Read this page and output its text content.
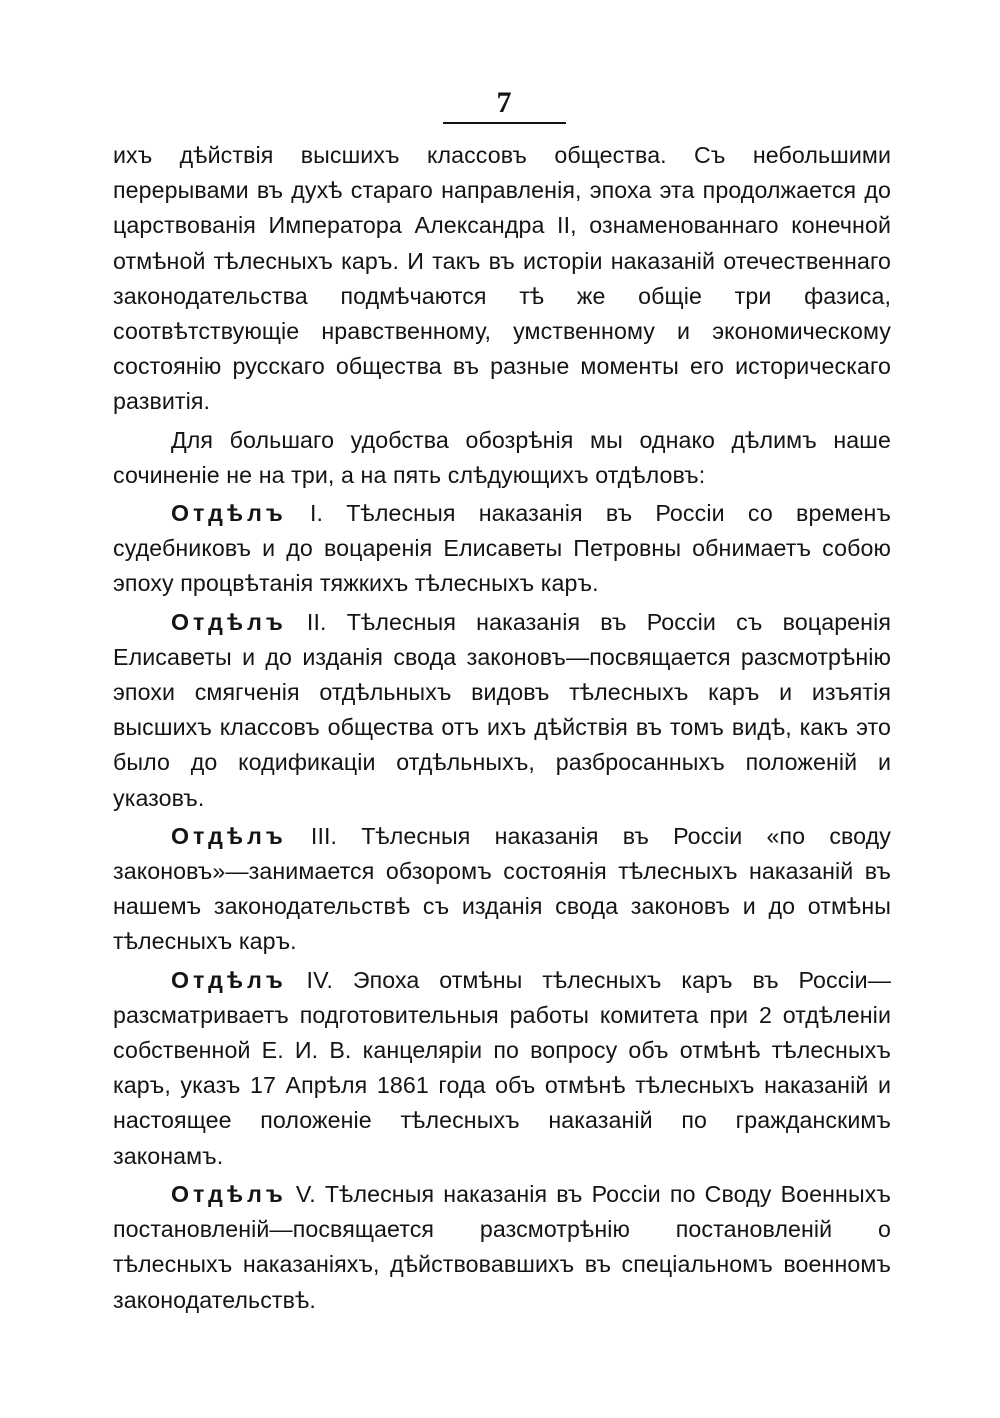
7

ихъ дѣйствія высшихъ классовъ общества. Съ небольшими перерывами въ духѣ стараго направленія, эпоха эта продолжается до царствованія Императора Александра II, ознаменованнаго конечной отмѣной тѣлесныхъ каръ. И такъ въ исторіи наказаній отечественнаго законодательства подмѣчаются тѣ же общіе три фазиса, соотвѣтствующіе нравственному, умственному и экономическому состоянію русскаго общества въ разные моменты его историческаго развитія.

Для большаго удобства обозрѣнія мы однако дѣлимъ наше сочиненіе не на три, а на пять слѣдующихъ отдѣловъ:

Отдѣлъ I. Тѣлесныя наказанія въ Россіи со временъ судебниковъ и до воцаренія Елисаветы Петровны обнимаетъ собою эпоху процвѣтанія тяжкихъ тѣлесныхъ каръ.

Отдѣлъ II. Тѣлесныя наказанія въ Россіи съ воцаренія Елисаветы и до изданія свода законовъ—посвящается разсмотрѣнію эпохи смягченія отдѣльныхъ видовъ тѣлесныхъ каръ и изъятія высшихъ классовъ общества отъ ихъ дѣйствія въ томъ видѣ, какъ это было до кодификаціи отдѣльныхъ, разбросанныхъ положеній и указовъ.

Отдѣлъ III. Тѣлесныя наказанія въ Россіи «по своду законовъ»—занимается обзоромъ состоянія тѣлесныхъ наказаній въ нашемъ законодательствѣ съ изданія свода законовъ и до отмѣны тѣлесныхъ каръ.

Отдѣлъ IV. Эпоха отмѣны тѣлесныхъ каръ въ Россіи—разсматриваетъ подготовительныя работы комитета при 2 отдѣленіи собственной Е. И. В. канцеляріи по вопросу объ отмѣнѣ тѣлесныхъ каръ, указъ 17 Апрѣля 1861 года объ отмѣнѣ тѣлесныхъ наказаній и настоящее положеніе тѣлесныхъ наказаній по гражданскимъ законамъ.

Отдѣлъ V. Тѣлесныя наказанія въ Россіи по Своду Военныхъ постановленій—посвящается разсмотрѣнію постановленій о тѣлесныхъ наказаніяхъ, дѣйствовавшихъ въ спеціальномъ военномъ законодательствѣ.
